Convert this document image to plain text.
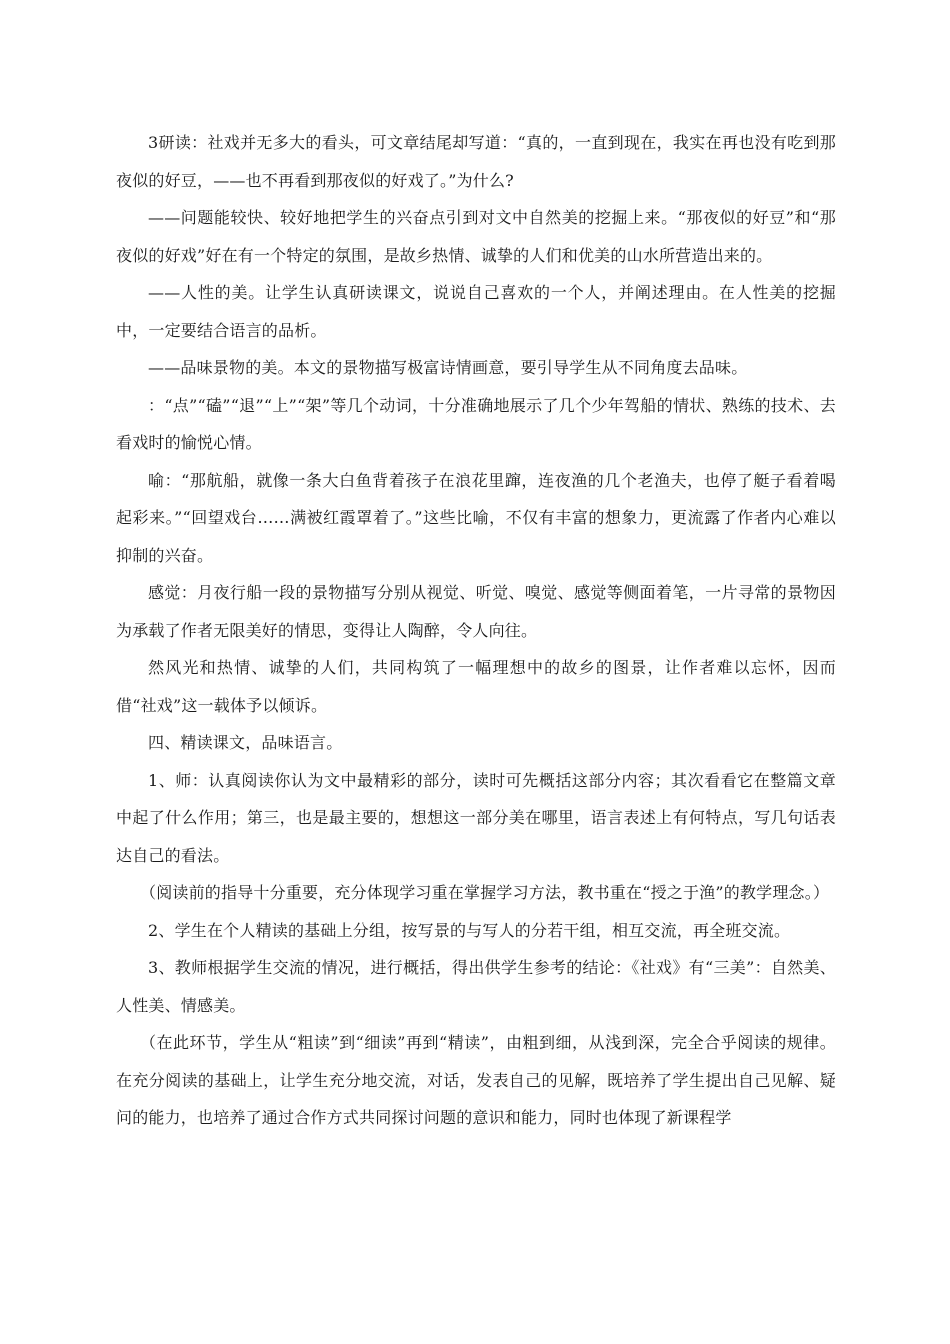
3研读：社戏并无多大的看头，可文章结尾却写道：“真的，一直到现在，我实在再也没有吃到那夜似的好豆，——也不再看到那夜似的好戏了。”为什么?

——问题能较快、较好地把学生的兴奋点引到对文中自然美的挖掘上来。“那夜似的好豆”和“那夜似的好戏”好在有一个特定的氛围，是故乡热情、诚挚的人们和优美的山水所营造出来的。

——人性的美。让学生认真研读课文，说说自己喜欢的一个人，并阐述理由。在人性美的挖掘中，一定要结合语言的品析。

——品味景物的美。本文的景物描写极富诗情画意，要引导学生从不同角度去品味。

：“点”“磕”“退”“上”“架”等几个动词，十分准确地展示了几个少年驾船的情状、熟练的技术、去看戏时的愉悦心情。

喻：“那航船，就像一条大白鱼背着孩子在浪花里蹿，连夜渔的几个老渔夫，也停了艇子看着喝起彩来。”“回望戏台……满被红霞罩着了。”这些比喻，不仅有丰富的想象力，更流露了作者内心难以抑制的兴奋。

感觉：月夜行船一段的景物描写分别从视觉、听觉、嗅觉、感觉等侧面着笔，一片寻常的景物因为承载了作者无限美好的情思，变得让人陶醉，令人向往。

然风光和热情、诚挚的人们，共同构筑了一幅理想中的故乡的图景，让作者难以忘怀，因而借“社戏”这一载体予以倾诉。

四、精读课文，品味语言。

1、师：认真阅读你认为文中最精彩的部分，读时可先概括这部分内容；其次看看它在整篇文章中起了什么作用；第三，也是最主要的，想想这一部分美在哪里，语言表述上有何特点，写几句话表达自己的看法。

（阅读前的指导十分重要，充分体现学习重在掌握学习方法，教书重在“授之于渔”的教学理念。）

2、学生在个人精读的基础上分组，按写景的与写人的分若干组，相互交流，再全班交流。

3、教师根据学生交流的情况，进行概括，得出供学生参考的结论：《社戏》有“三美”：自然美、人性美、情感美。

（在此环节，学生从“粗读”到“细读”再到“精读”，由粗到细，从浅到深，完全合乎阅读的规律。在充分阅读的基础上，让学生充分地交流，对话，发表自己的见解，既培养了学生提出自己见解、疑问的能力，也培养了通过合作方式共同探讨问题的意识和能力，同时也体现了新课程学
